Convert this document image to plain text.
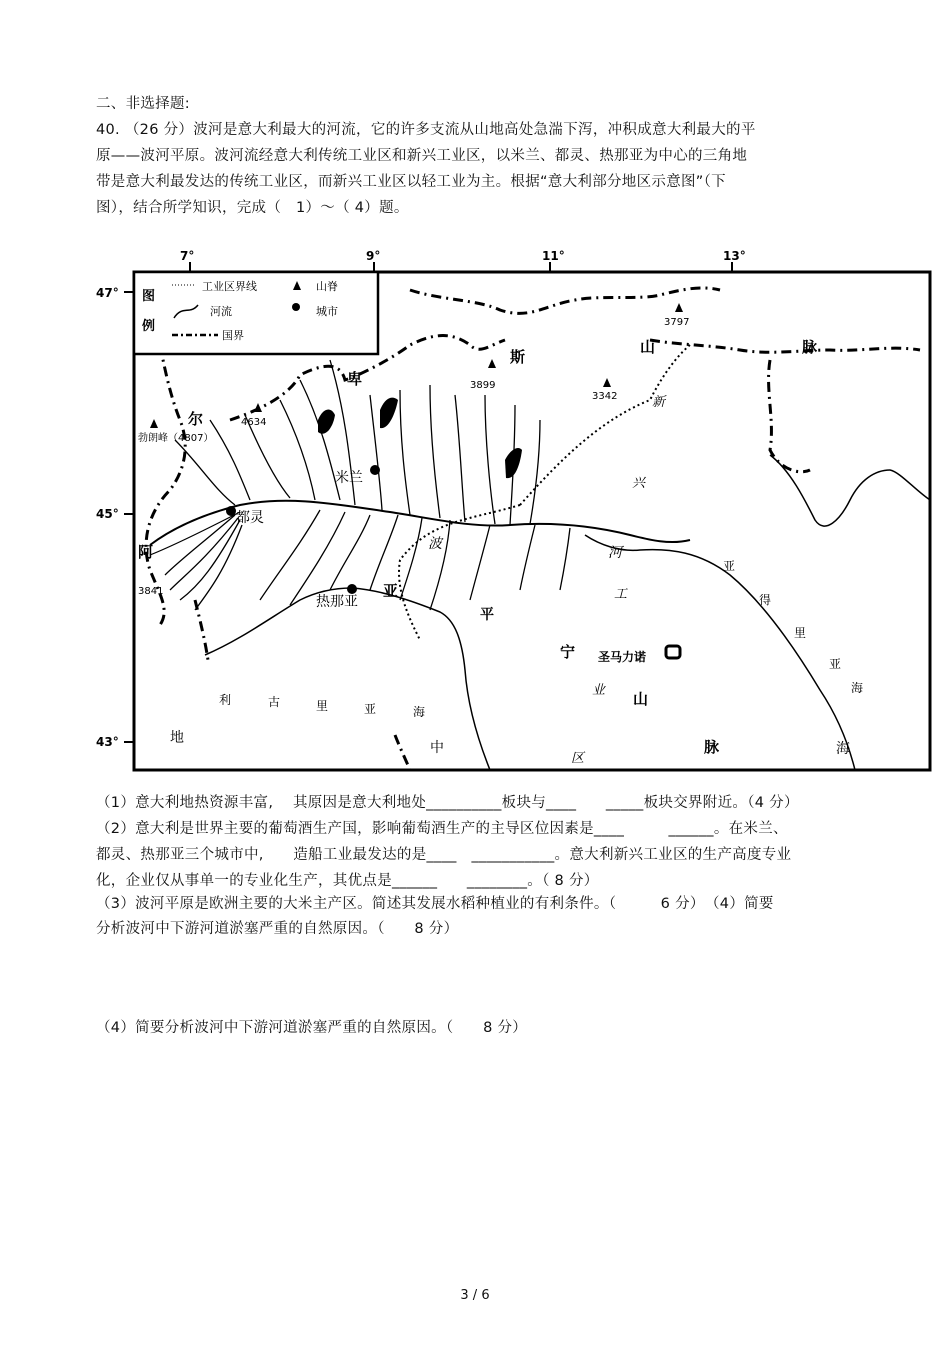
二、非选择题:
40. （26 分）波河是意大利最大的河流，它的许多支流从山地高处急湍下泻，冲积成意大利最大的平
原——波河平原。波河流经意大利传统工业区和新兴工业区，以米兰、都灵、热那亚为中心的三角地
带是意大利最发达的传统工业区，而新兴工业区以轻工业为主。根据“意大利部分地区示意图”（下
图），结合所学知识，完成（　1）～（ 4）题。
7°	9°	11°	13°
47°
45°
43°
图
例
工业区界线
河流
国界
山脊
城市
4634
勃朗峰（4807）
3899
3797
3342
3841
米兰
都灵
热那亚
阿
尔
卑
斯
山	脉
波
河
平
亚
宁
山
脉
新
兴
工
业
区
亚
得
里
亚
海
利	古	里	亚	海
地
中	海
圣马力诺
（1）意大利地热资源丰富,　 其原因是意大利地处__________板块与____　　_____板块交界附近。（4 分）
（2）意大利是世界主要的葡萄酒生产国，影响葡萄酒生产的主导区位因素是____　　　______。在米兰、
都灵、热那亚三个城市中,　　造船工业最发达的是____　___________。意大利新兴工业区的生产高度专业
化，企业仅从事单一的专业化生产，其优点是______　　________。（ 8 分）
（3）波河平原是欧洲主要的大米主产区。简述其发展水稻种植业的有利条件。（　　　6 分）　（4）简要
分析波河中下游河道淤塞严重的自然原因。（　　8 分）
（4）简要分析波河中下游河道淤塞严重的自然原因。（　　8 分）
3 / 6
